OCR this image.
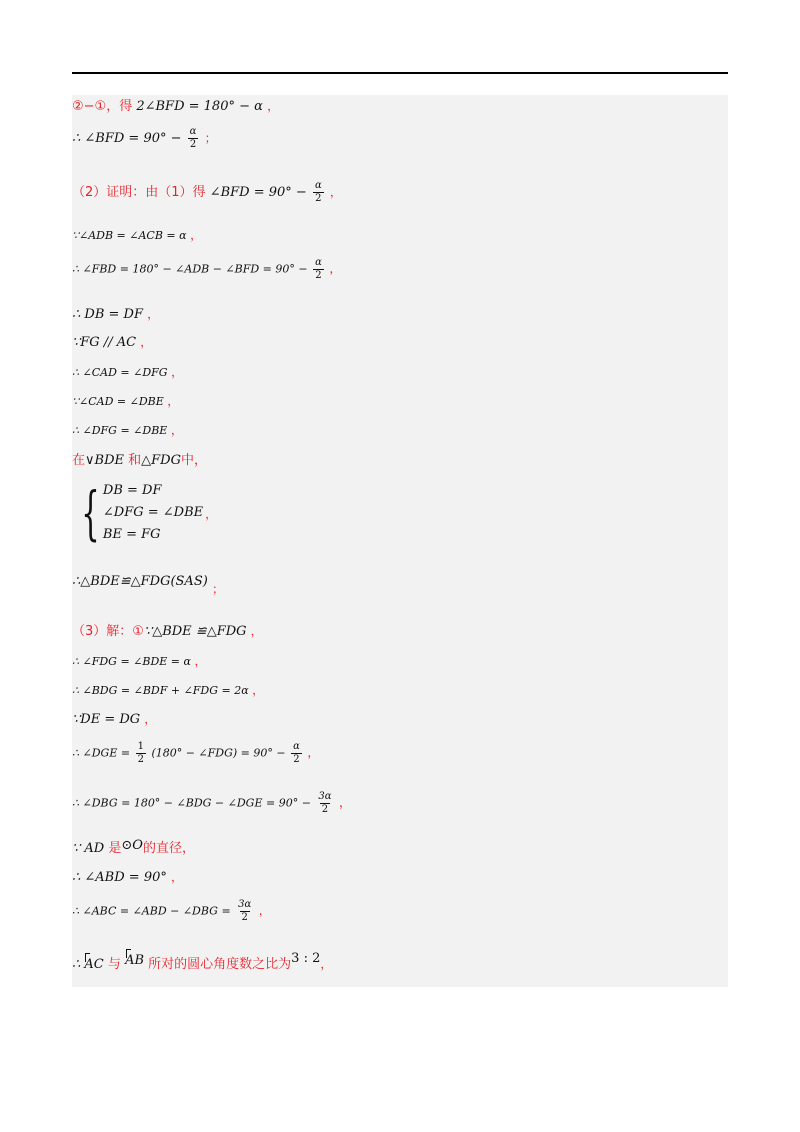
②−①，得 2∠BFD = 180° − α ，
∴ ∠BFD = $90^\circ - \frac{\alpha}{2}$ ；
（2）证明：由（1）得 ∠BFD = $90^\circ - \frac{\alpha}{2}$ ，
∵∠ADB = ∠ACB = α ，
∴ ∠FBD = 180° − ∠ADB − ∠BFD = $90^\circ - \frac{\alpha}{2}$ ，
∴ DB = DF ，
∵FG // AC ，
∴ ∠CAD = ∠DFG ，
∵∠CAD = ∠DBE ，
∴ ∠DFG = ∠DBE ，
在∨BDE 和△FDG中，
{ DB = DF
∠DFG = ∠DBE
BE = FG
，
∴△BDE≌△FDG(SAS) ；
（3）解：①∵△BDE ≌△FDG ，
∴ ∠FDG = ∠BDE = α ，
∴ ∠BDG = ∠BDF + ∠FDG = 2α ，
∵DE = DG ，
∴ ∠DGE = $\frac{1}{2} (180^\circ$ − ∠FDG) = $90^\circ - \frac{\alpha}{2}$ ，
∴ ∠DBG = 180° − ∠BDG − ∠DGE = $90^\circ - \frac{3\alpha}{2}$ ，
∵ AD 是⊙O的直径，
∴ ∠ABD = 90° ，
∴ ∠ABC = ∠ABD − ∠DBG = $\frac{3\alpha}{2}$ ，
∴ AC 与 AB 所对的圆心角度数之比为3 : 2，
